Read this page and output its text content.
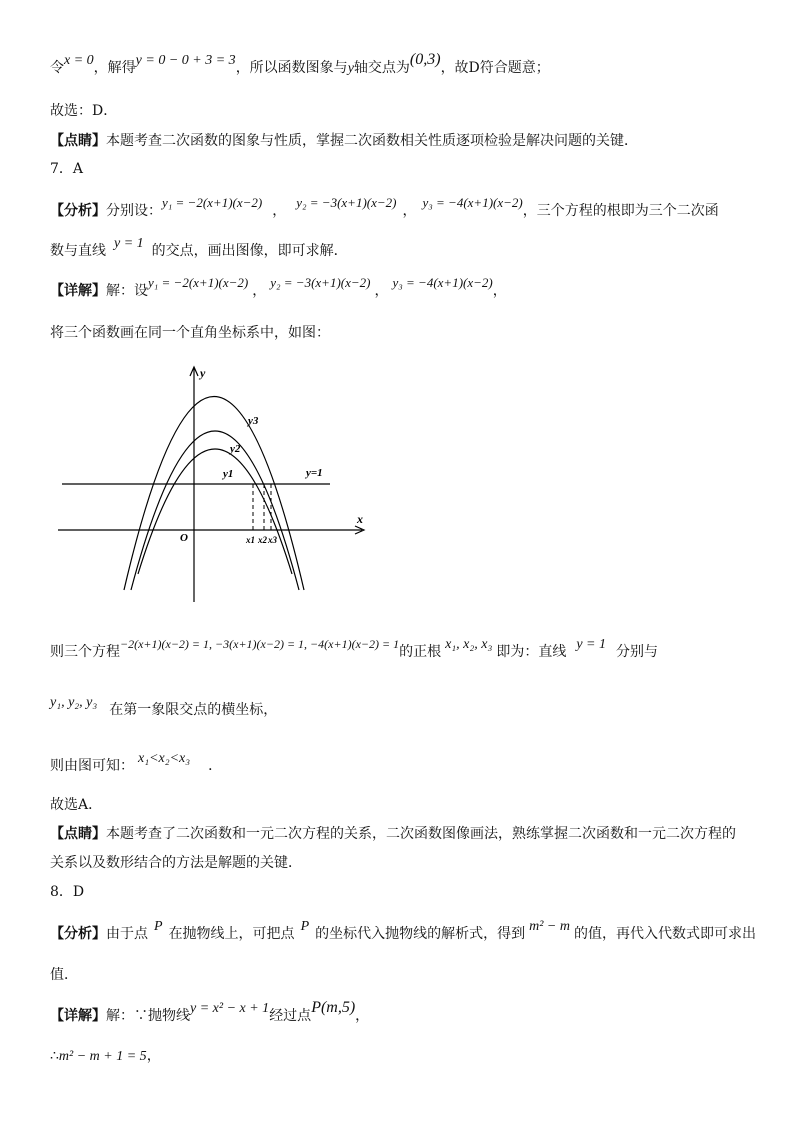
令x = 0，解得y = 0 − 0 + 3 = 3，所以函数图象与y轴交点为(0,3)，故D符合题意；
故选：D．
【点睛】本题考查二次函数的图象与性质，掌握二次函数相关性质逐项检验是解决问题的关键．
7．A
【分析】分别设：y₁ = −2(x+1)(x−2)，y₂ = −3(x+1)(x−2)，y₃ = −4(x+1)(x−2)，三个方程的根即为三个二次函
数与直线 y = 1 的交点，画出图像，即可求解．
【详解】解：设y₁ = −2(x+1)(x−2)，y₂ = −3(x+1)(x−2)，y₃ = −4(x+1)(x−2)，
将三个函数画在同一个直角坐标系中，如图：
y
x
O
y3
y2
y1	y=1
x1 x2 x3
则三个方程−2(x+1)(x−2) = 1, −3(x+1)(x−2) = 1, −4(x+1)(x−2) = 1的正根 x₁, x₂, x₃ 即为：直线 y = 1 分别与
y₁, y₂, y₃ 在第一象限交点的横坐标，
则由图可知： x₁<x₂<x₃ ．
故选A．
【点睛】本题考查了二次函数和一元二次方程的关系，二次函数图像画法，熟练掌握二次函数和一元二次方程的
关系以及数形结合的方法是解题的关键．
8．D
【分析】由于点 P 在抛物线上，可把点 P 的坐标代入抛物线的解析式，得到 m² − m 的值，再代入代数式即可求出
值．
【详解】解：∵抛物线y = x² − x + 1经过点P(m,5)，
∴m² − m + 1 = 5，
